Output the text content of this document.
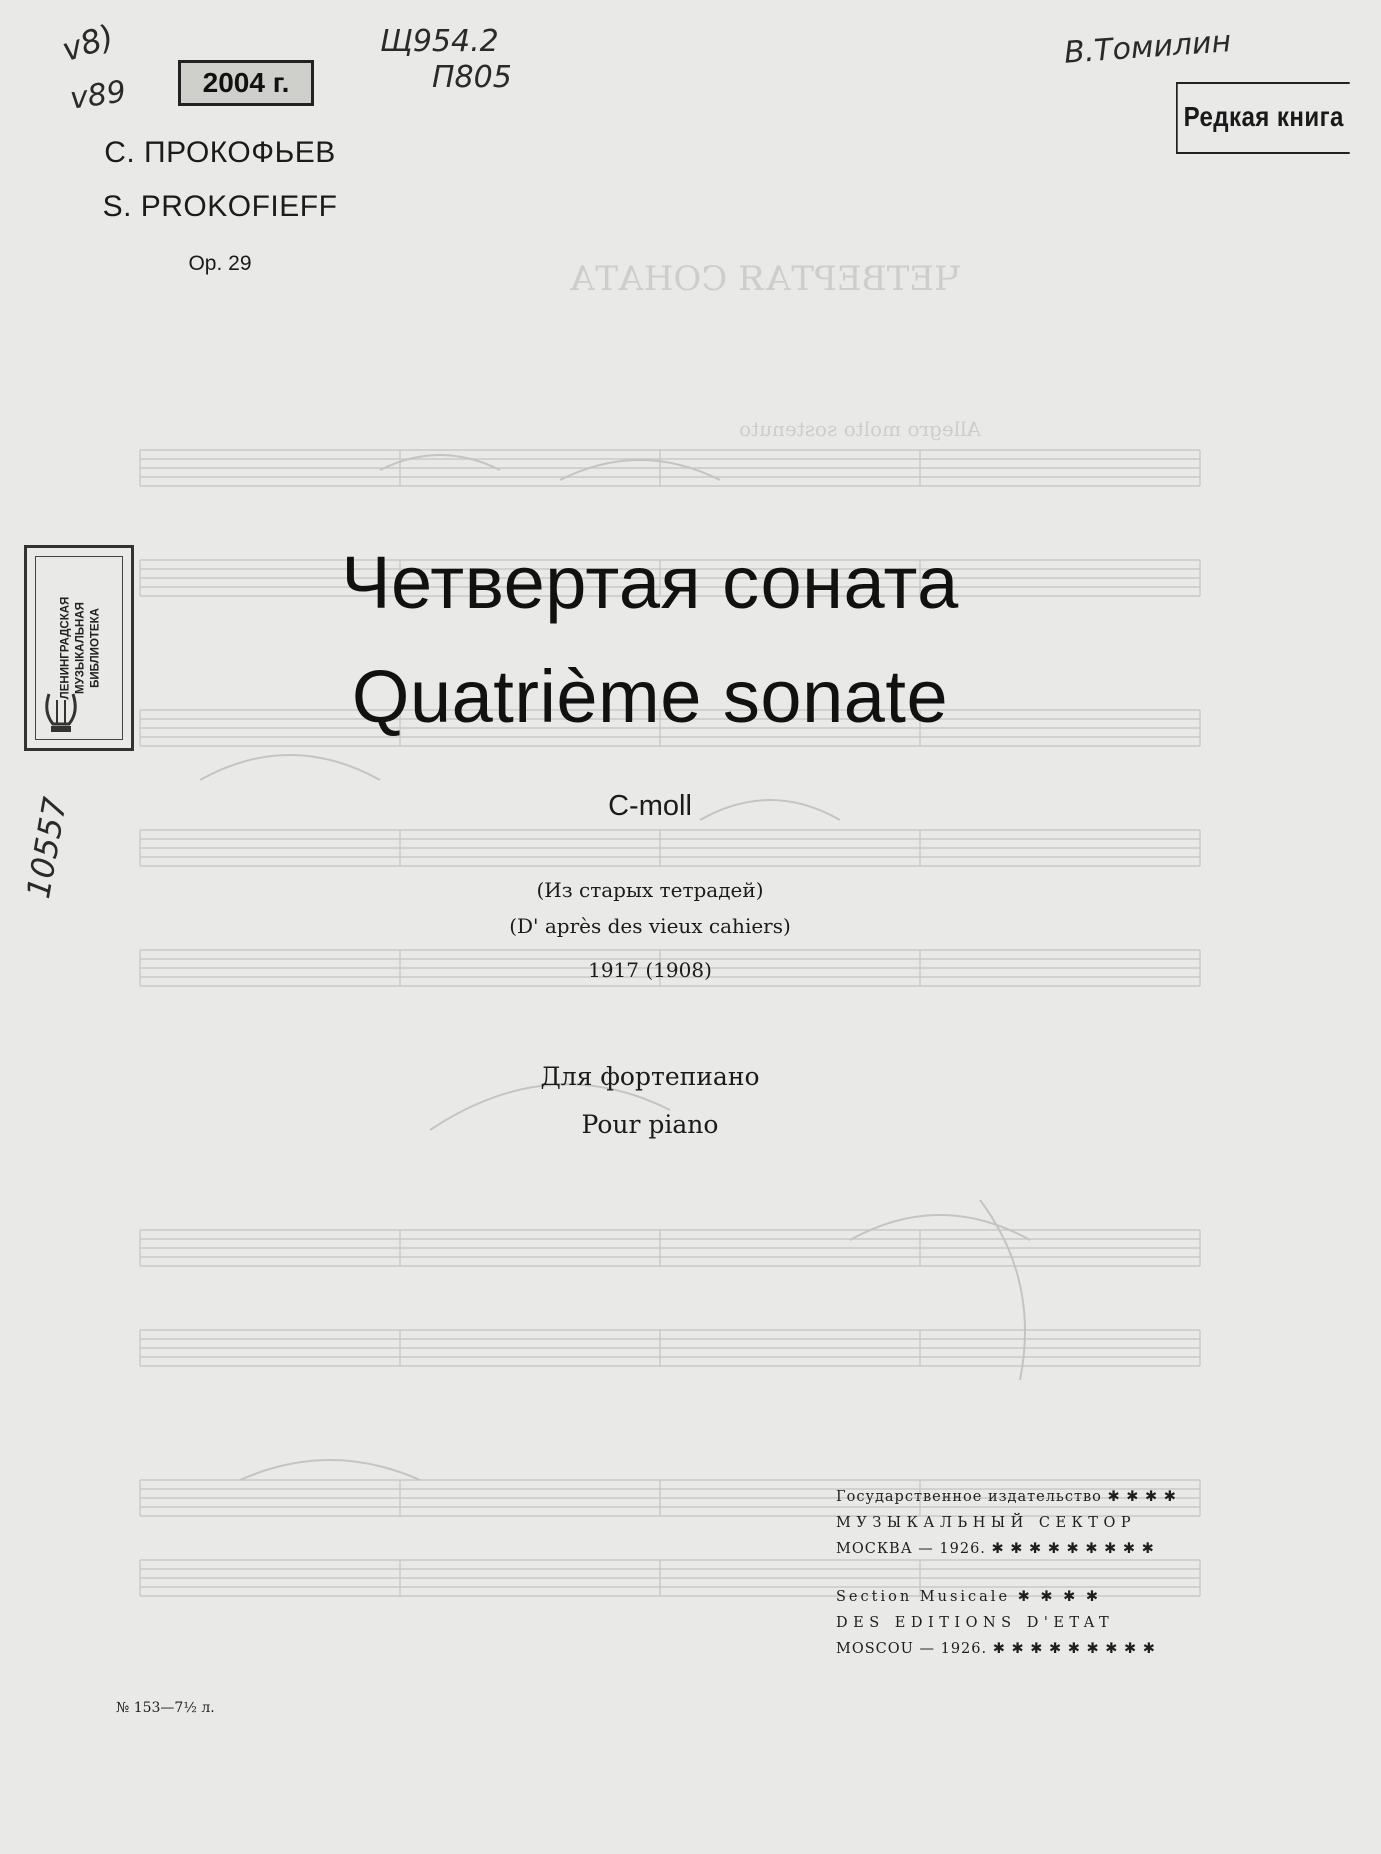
ЧЕТВЕРТАЯ СОНАТА
Allegro molto sostenuto
v8)
v89
Щ954.2
П805
В.Томилин
10557
2004 г.
Редкая книга
ЛЕНИНГРАДСКАЯ МУЗЫКАЛЬНАЯ БИБЛИОТЕКА
С. ПРОКОФЬЕВ
S. PROKOFIEFF
Op. 29
Четвертая соната
Quatrième sonate
C-moll
(Из старых тетрадей)
(D' après des vieux cahiers)
1917 (1908)
Для фортепиано
Pour piano
Государственное издательство ✱ ✱ ✱ ✱
МУЗЫКАЛЬНЫЙ СЕКТОР
МОСКВА — 1926. ✱ ✱ ✱ ✱ ✱ ✱ ✱ ✱ ✱
Section Musicale ✱ ✱ ✱ ✱
DES EDITIONS D'ETAT
MOSCOU — 1926. ✱ ✱ ✱ ✱ ✱ ✱ ✱ ✱ ✱
№ 153—7½ л.
